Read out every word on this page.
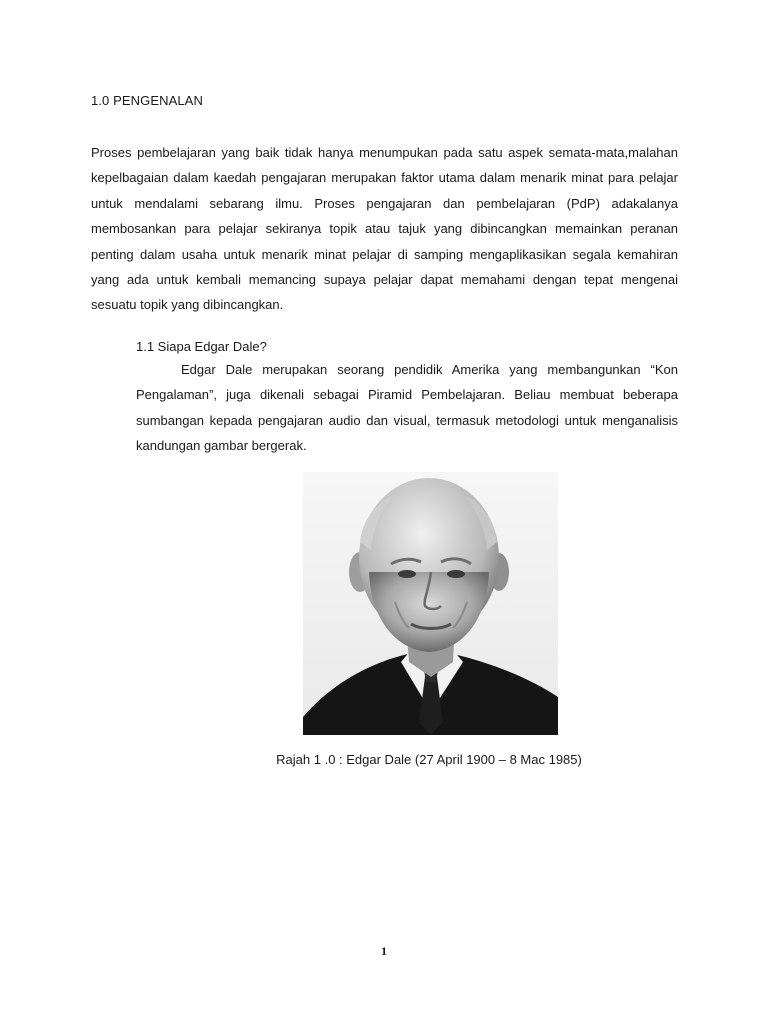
1.0 PENGENALAN

Proses pembelajaran yang baik tidak hanya menumpukan pada satu aspek semata-mata,malahan kepelbagaian dalam kaedah pengajaran merupakan faktor utama dalam menarik minat para pelajar untuk mendalami sebarang ilmu. Proses pengajaran dan pembelajaran (PdP) adakalanya membosankan para pelajar sekiranya topik atau tajuk yang dibincangkan memainkan peranan penting dalam usaha untuk menarik minat pelajar di samping mengaplikasikan segala kemahiran yang ada untuk kembali memancing supaya pelajar dapat memahami dengan tepat mengenai sesuatu topik yang dibincangkan.

1.1 Siapa Edgar Dale?

Edgar Dale merupakan seorang pendidik Amerika yang membangunkan “Kon Pengalaman”, juga dikenali sebagai Piramid Pembelajaran. Beliau membuat beberapa sumbangan kepada pengajaran audio dan visual, termasuk metodologi untuk menganalisis kandungan gambar bergerak.

Rajah 1 .0 : Edgar Dale (27 April 1900 – 8 Mac 1985)
1
